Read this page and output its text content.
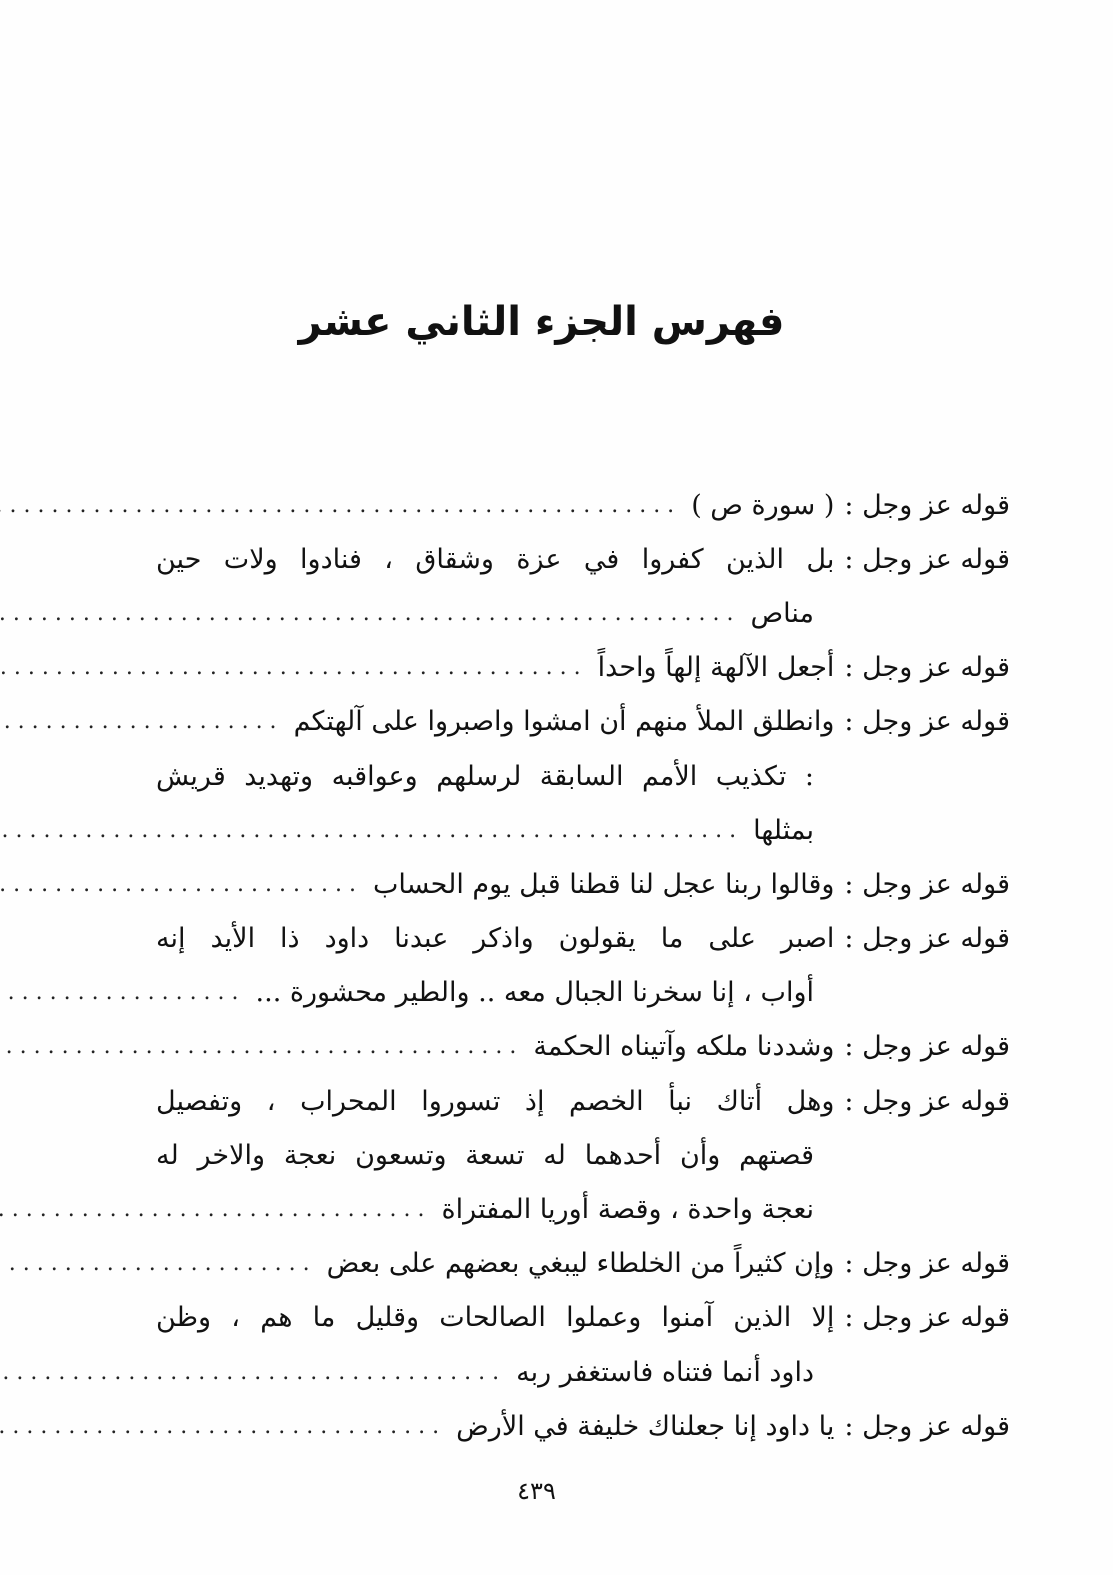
فهرس الجزء الثاني عشر
قوله عز وجل :
( سورة ص )
.....
قوله عز وجل :
بل الذين كفروا في عزة وشقاق ، فنادوا ولات حين
مناص
.....
قوله عز وجل :
أجعل الآلهة إلهاً واحداً
.....
قوله عز وجل :
وانطلق الملأ منهم أن امشوا واصبروا على آلهتكم
.....
: تكذيب الأمم السابقة لرسلهم وعواقبه وتهديد قريش
بمثلها
.....
قوله عز وجل :
وقالوا ربنا عجل لنا قطنا قبل يوم الحساب
.....
قوله عز وجل :
اصبر على ما يقولون واذكر عبدنا داود ذا الأيد إنه
أواب ، إنا سخرنا الجبال معه .. والطير محشورة ...
.....
قوله عز وجل :
وشددنا ملكه وآتيناه الحكمة
.....
قوله عز وجل :
وهل أتاك نبأ الخصم إذ تسوروا المحراب ، وتفصيل
قصتهم وأن أحدهما له تسعة وتسعون نعجة والاخر له
نعجة واحدة ، وقصة أوريا المفتراة
.....
قوله عز وجل :
وإن كثيراً من الخلطاء ليبغي بعضهم على بعض
.....
قوله عز وجل :
إلا الذين آمنوا وعملوا الصالحات وقليل ما هم ، وظن
داود أنما فتناه فاستغفر ربه
.....
قوله عز وجل :
يا داود إنا جعلناك خليفة في الأرض
.....
٤٣٩
